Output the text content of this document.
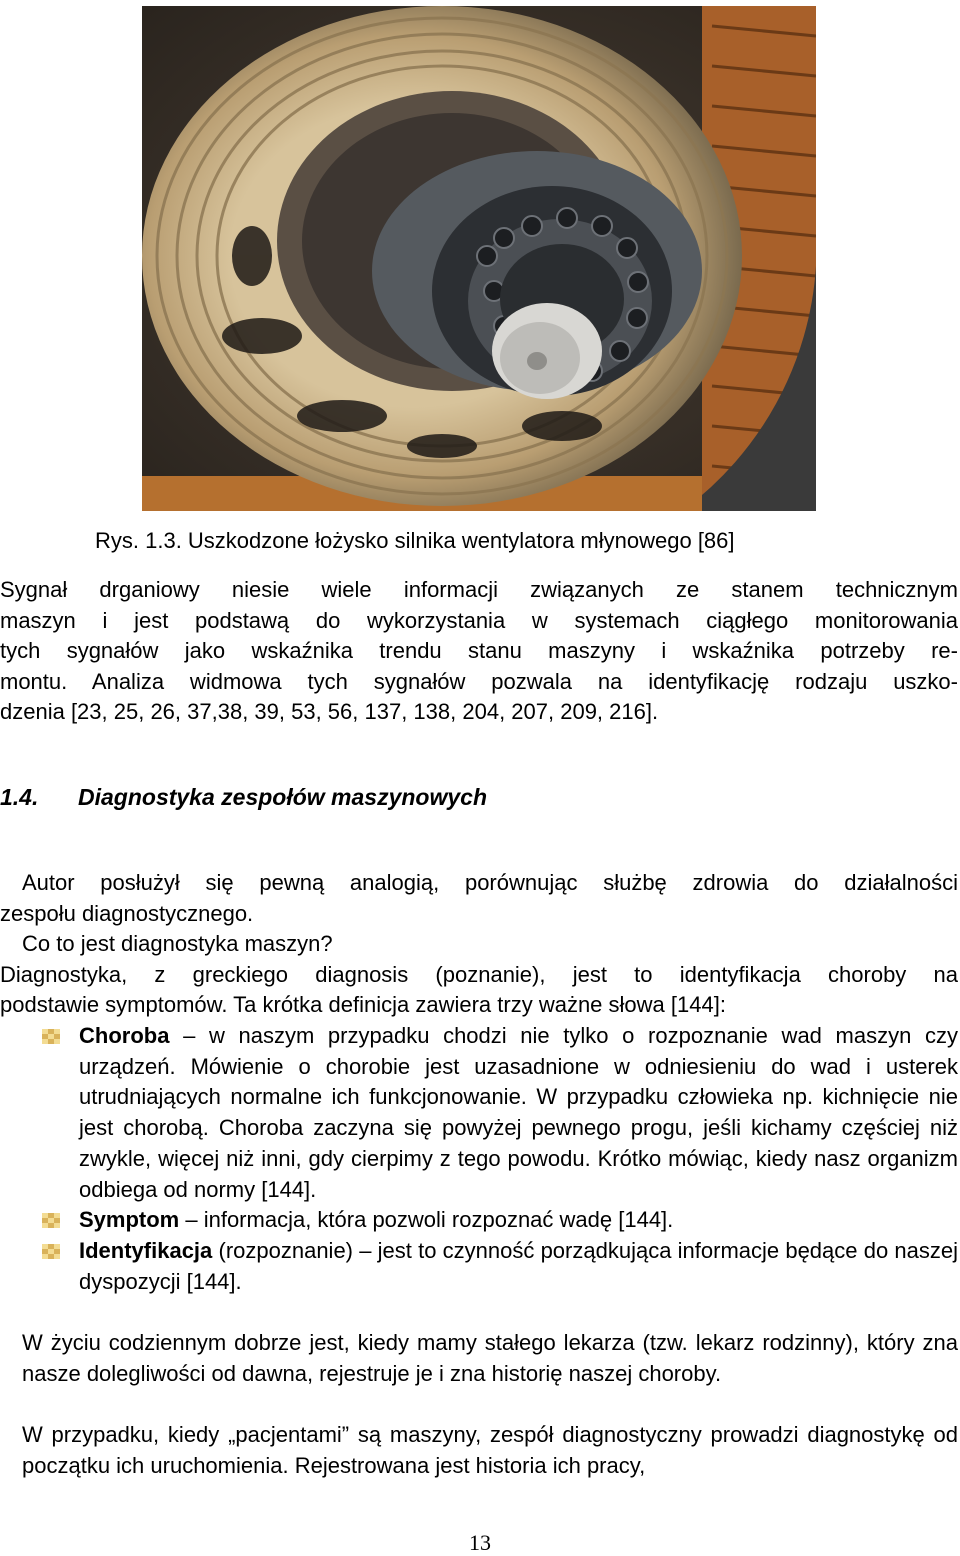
Rys. 1.3. Uszkodzone łożysko silnika wentylatora młynowego [86]
Sygnał drganiowy niesie wiele informacji związanych ze stanem technicznym
maszyn i jest podstawą do wykorzystania w systemach ciągłego monitorowania
tych sygnałów jako wskaźnika trendu stanu maszyny i wskaźnika potrzeby re-
montu. Analiza widmowa tych sygnałów pozwala na identyfikację rodzaju uszko-
dzenia [23, 25, 26, 37,38, 39, 53, 56, 137, 138, 204, 207, 209, 216].
1.4. Diagnostyka zespołów maszynowych
Autor posłużył się pewną analogią, porównując służbę zdrowia do działalności
zespołu diagnostycznego.
Co to jest diagnostyka maszyn?
Diagnostyka, z greckiego diagnosis (poznanie), jest to identyfikacja choroby na
podstawie symptomów. Ta krótka definicja zawiera trzy ważne słowa [144]:
Choroba – w naszym przypadku chodzi nie tylko o rozpoznanie wad maszyn czy urządzeń. Mówienie o chorobie jest uzasadnione w odniesieniu do wad i usterek utrudniających normalne ich funkcjonowanie. W przypadku człowieka np. kichnięcie nie jest chorobą. Choroba zaczyna się powyżej pewnego progu, jeśli kichamy częściej niż zwykle, więcej niż inni, gdy cierpimy z tego powodu. Krótko mówiąc, kiedy nasz organizm odbiega od normy [144].
Symptom – informacja, która pozwoli rozpoznać wadę [144].
Identyfikacja (rozpoznanie) – jest to czynność porządkująca informacje będące do naszej dyspozycji [144].
W życiu codziennym dobrze jest, kiedy mamy stałego lekarza (tzw. lekarz rodzinny), który zna nasze dolegliwości od dawna, rejestruje je i zna historię naszej choroby.
W przypadku, kiedy „pacjentami” są maszyny, zespół diagnostyczny prowadzi diagnostykę od początku ich uruchomienia. Rejestrowana jest historia ich pracy,
13
